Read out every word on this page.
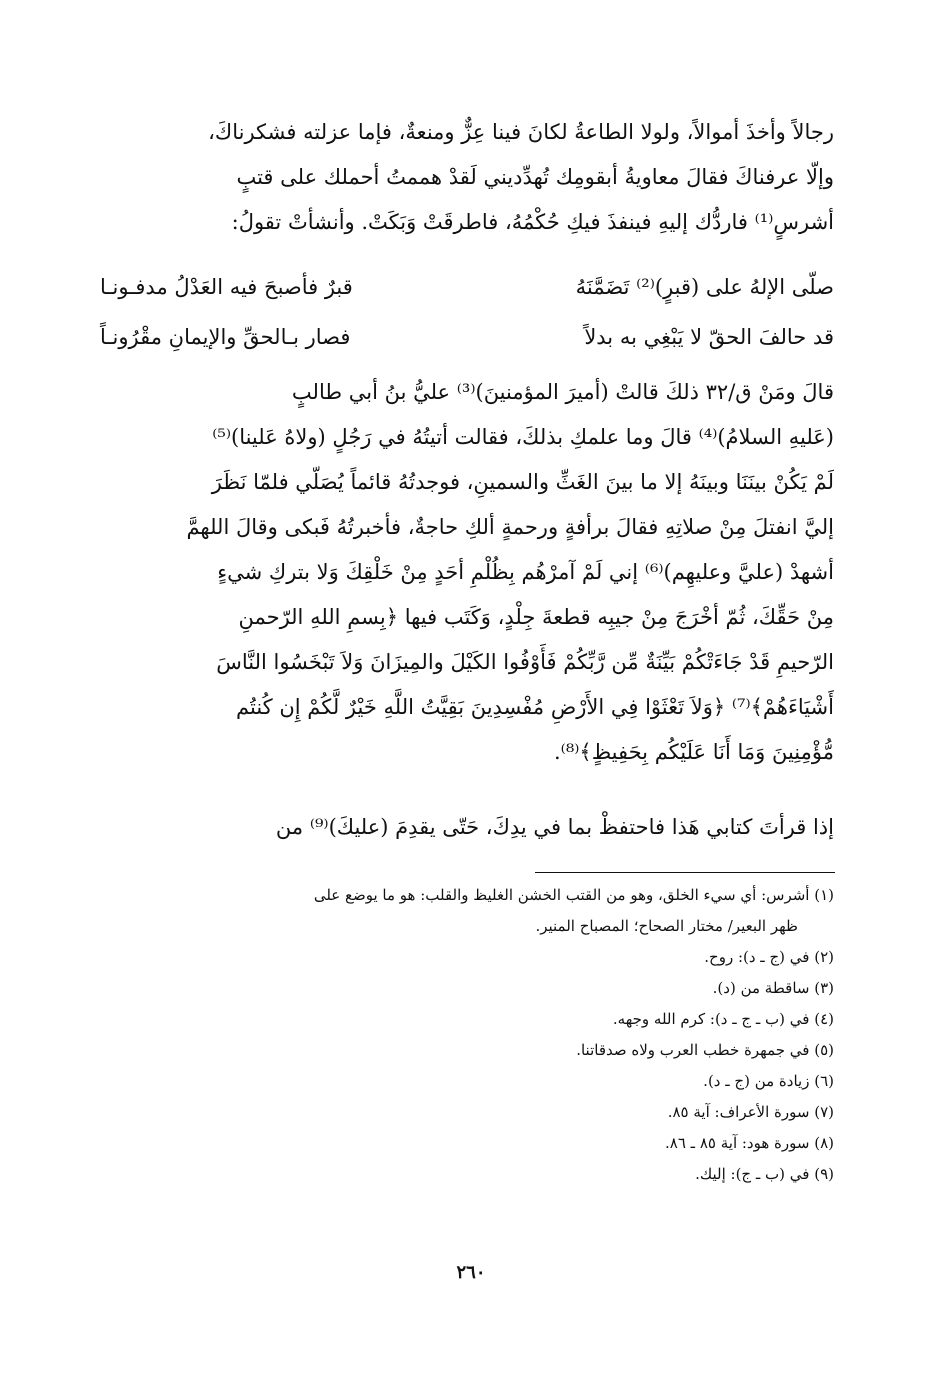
رجالاً وأخذَ أموالاً، ولولا الطاعةُ لكانَ فينا عِزٌّ ومنعةٌ، فإما عزلته فشكرناكَ،
وإلّا عرفناكَ فقالَ معاويةُ أبقومِك تُهدِّديني لَقدْ هممتُ أحملك على قتبٍ
أشرسٍ⁽¹⁾ فاردُّك إليهِ فينفذَ فيكِ حُكْمُهُ، فاطرقَتْ وَبَكَتْ. وأنشأتْ تقولُ:
صلّى الإلهُ على (قبرٍ)⁽²⁾ تَضَمَّنَهُ
قبرٌ فأصبحَ فيه العَدْلُ مدفـونـا
قد حالفَ الحقّ لا يَبْغِي به بدلاً
فصار بـالحقِّ والإيمانِ مقْرُونـاً
قالَ ومَنْ ق/٣٢ ذلكَ قالتْ (أميرَ المؤمنينَ)⁽³⁾ عليُّ بنُ أبي طالبٍ
(عَليهِ السلامُ)⁽⁴⁾ قالَ وما علمكِ بذلكَ، فقالت أتيتُهُ في رَجُلٍ (ولاهُ عَلينا)⁽⁵⁾
لَمْ يَكُنْ بينَنَا وبينَهُ إلا ما بينَ الغَثِّ والسمينِ، فوجدتُهُ قائماً يُصَلّي فلمّا نَظَرَ
إليَّ انفتلَ مِنْ صلاتِهِ فقالَ برأفةٍ ورحمةٍ ألكِ حاجةٌ، فأخبرتُهُ فَبكى وقالَ اللهمَّ
أشهدْ (عليَّ وعليهِم)⁽⁶⁾ إني لَمْ آمرْهُم بِظُلْمِ أحَدٍ مِنْ خَلْقِكَ وَلا بتركِ شيءٍ
مِنْ حَقِّكَ، ثُمّ أخْرَجَ مِنْ جيبِه قطعةَ جِلْدٍ، وَكَتَب فيها ﴿بِسمِ اللهِ الرّحمنِ
الرّحيمِ قَدْ جَاءَتْكُمْ بَيِّنَةٌ مِّن رَّبِّكُمْ فَأَوْفُوا الكَيْلَ والمِيزَانَ وَلاَ تَبْخَسُوا النَّاسَ
أَشْيَاءَهُمْ﴾⁽⁷⁾ ﴿وَلاَ تَعْثَوْا فِي الأَرْضِ مُفْسِدِينَ بَقِيَّتُ اللَّهِ خَيْرٌ لَّكُمْ إِن كُنتُم
مُّؤْمِنِينَ وَمَا أَنَا عَلَيْكُم بِحَفِيظٍ﴾⁽⁸⁾.
إذا قرأتَ كتابي هَذا فاحتفظْ بما في يدِكَ، حَتّى يقدِمَ (عليكَ)⁽⁹⁾ من
(١) أشرس: أي سيء الخلق، وهو من القتب الخشن الغليظ والقلب: هو ما يوضع على
ظهر البعير/ مختار الصحاح؛ المصباح المنير.
(٢) في (ج ـ د): روح.
(٣) ساقطة من (د).
(٤) في (ب ـ ج ـ د): كرم الله وجهه.
(٥) في جمهرة خطب العرب ولاه صدقاتنا.
(٦) زيادة من (ج ـ د).
(٧) سورة الأعراف: آية ٨٥.
(٨) سورة هود: آية ٨٥ ـ ٨٦.
(٩) في (ب ـ ج): إليك.
٢٦٠
